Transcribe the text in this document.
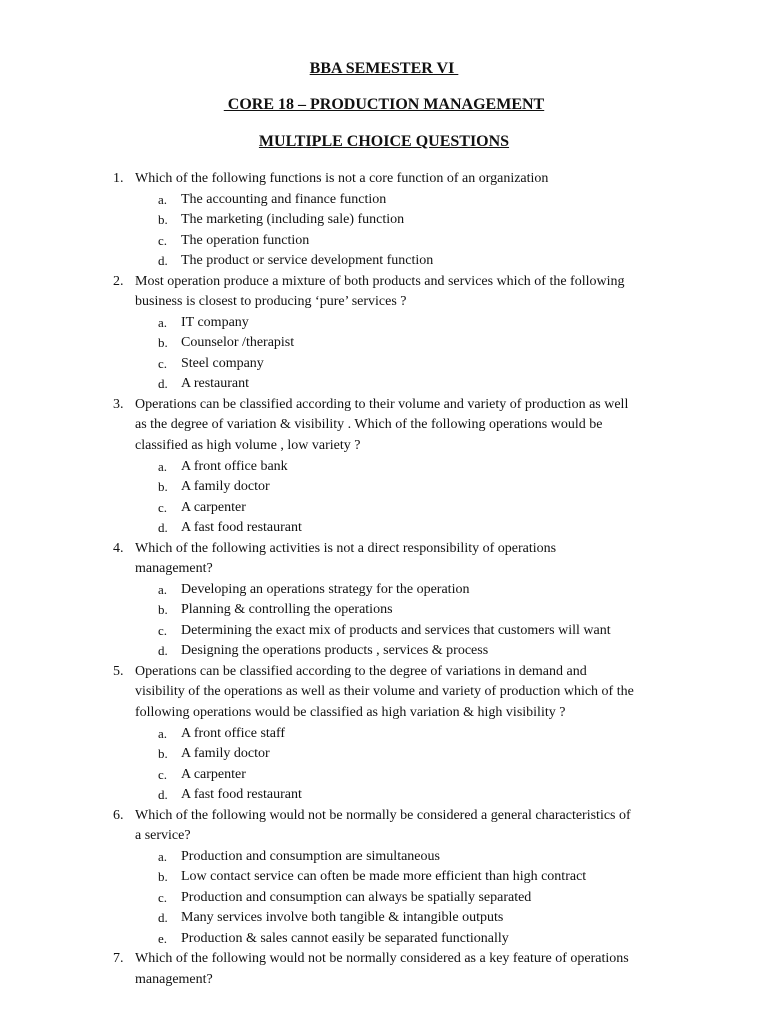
BBA SEMESTER VI
CORE 18 – PRODUCTION MANAGEMENT
MULTIPLE CHOICE QUESTIONS
1. Which of the following functions is not a core function of an organization
a. The accounting and finance function
b. The marketing (including sale) function
c. The operation function
d. The product or service development function
2. Most operation produce a mixture of both products and services which of the following
business is closest to producing ‘pure’ services ?
a. IT company
b. Counselor /therapist
c. Steel company
d. A restaurant
3. Operations can be classified according to their volume and variety of production as well
as the degree of variation & visibility . Which of the following operations would be
classified as high volume , low variety ?
a. A front office bank
b. A family doctor
c. A carpenter
d. A fast food restaurant
4. Which of the following activities is not a direct responsibility of operations
management?
a. Developing an operations strategy for the operation
b. Planning & controlling the operations
c. Determining the exact mix of products and services that customers will want
d. Designing the operations products , services & process
5. Operations can be classified according to the degree of variations in demand and
visibility of the operations as well as their volume and variety of production which of the
following operations would be classified as high variation & high visibility ?
a. A front office staff
b. A family doctor
c. A carpenter
d. A fast food restaurant
6. Which of the following would not be normally be considered a general characteristics of
a service?
a. Production and consumption are simultaneous
b. Low contact service can often be made more efficient than high contract
c. Production and consumption can always be spatially separated
d. Many services involve both tangible & intangible outputs
e. Production & sales cannot easily be separated functionally
7. Which of the following would not be normally considered as a key feature of operations
management?
